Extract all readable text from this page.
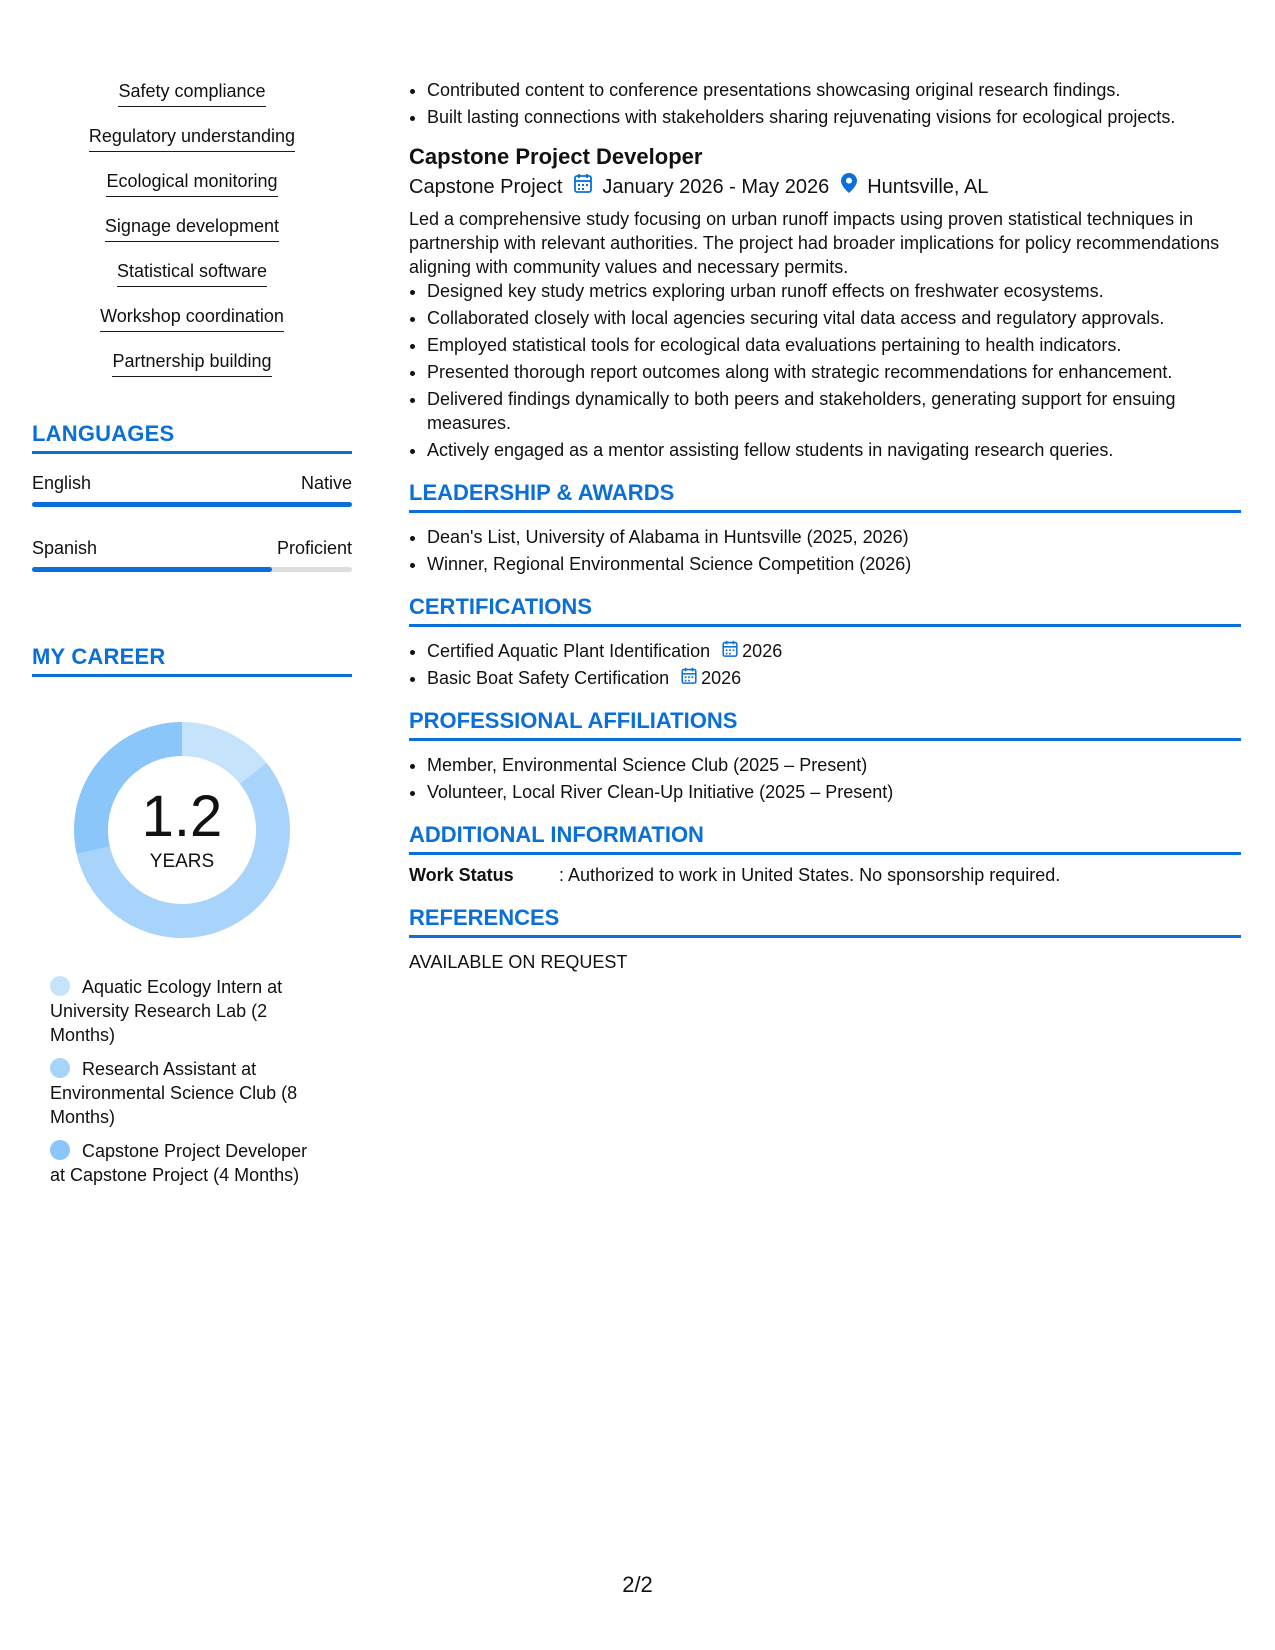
Safety compliance
Regulatory understanding
Ecological monitoring
Signage development
Statistical software
Workshop coordination
Partnership building
LANGUAGES
English	Native
Spanish	Proficient
MY CAREER
1.2
YEARS
Aquatic Ecology Intern at University Research Lab (2 Months)
Research Assistant at Environmental Science Club (8 Months)
Capstone Project Developer at Capstone Project (4 Months)
• Contributed content to conference presentations showcasing original research findings.
• Built lasting connections with stakeholders sharing rejuvenating visions for ecological projects.
Capstone Project Developer
Capstone Project January 2026 - May 2026 Huntsville, AL
Led a comprehensive study focusing on urban runoff impacts using proven statistical techniques in partnership with relevant authorities. The project had broader implications for policy recommendations aligning with community values and necessary permits.
• Designed key study metrics exploring urban runoff effects on freshwater ecosystems.
• Collaborated closely with local agencies securing vital data access and regulatory approvals.
• Employed statistical tools for ecological data evaluations pertaining to health indicators.
• Presented thorough report outcomes along with strategic recommendations for enhancement.
• Delivered findings dynamically to both peers and stakeholders, generating support for ensuing measures.
• Actively engaged as a mentor assisting fellow students in navigating research queries.
LEADERSHIP & AWARDS
• Dean's List, University of Alabama in Huntsville (2025, 2026)
• Winner, Regional Environmental Science Competition (2026)
CERTIFICATIONS
• Certified Aquatic Plant Identification 2026
• Basic Boat Safety Certification 2026
PROFESSIONAL AFFILIATIONS
• Member, Environmental Science Club (2025 – Present)
• Volunteer, Local River Clean-Up Initiative (2025 – Present)
ADDITIONAL INFORMATION
Work Status	: Authorized to work in United States. No sponsorship required.
REFERENCES
AVAILABLE ON REQUEST
2/2
